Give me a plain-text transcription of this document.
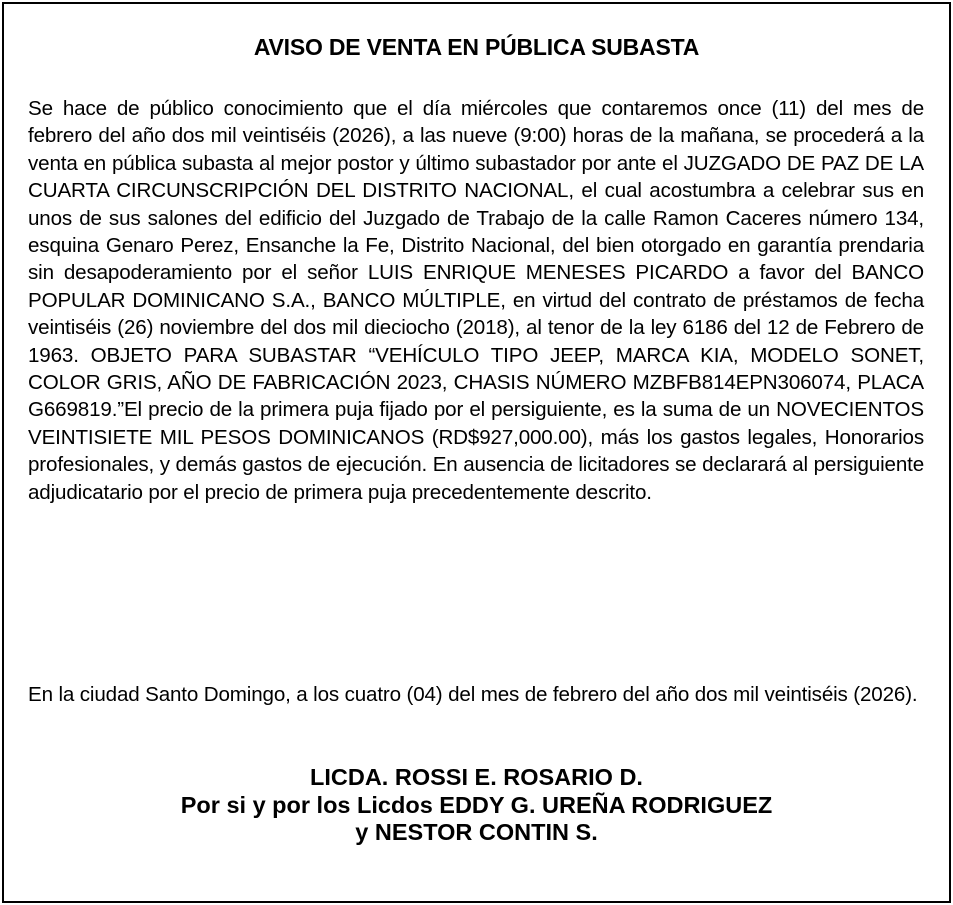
AVISO DE VENTA EN PÚBLICA SUBASTA
Se hace de público conocimiento que el día miércoles que contaremos once (11) del mes de febrero del año dos mil veintiséis (2026), a las nueve (9:00) horas de la mañana, se procederá a la venta en pública subasta al mejor postor y último subastador por ante el JUZGADO DE PAZ DE LA CUARTA CIRCUNSCRIPCIÓN DEL DISTRITO NACIONAL, el cual acostumbra a celebrar sus en unos de sus salones del edificio del Juzgado de Trabajo de la calle Ramon Caceres número 134, esquina Genaro Perez, Ensanche la Fe, Distrito Nacional, del bien otorgado en garantía prendaria sin desapoderamiento por el señor LUIS ENRIQUE MENESES PICARDO a favor del BANCO POPULAR DOMINICANO S.A., BANCO MÚLTIPLE, en virtud del contrato de préstamos de fecha veintiséis (26) noviembre del dos mil dieciocho (2018), al tenor de la ley 6186 del 12 de Febrero de 1963. OBJETO PARA SUBASTAR “VEHÍCULO TIPO JEEP, MARCA KIA, MODELO SONET, COLOR GRIS, AÑO DE FABRICACIÓN 2023, CHASIS NÚMERO MZBFB814EPN306074, PLACA G669819.”El precio de la primera puja fijado por el persiguiente, es la suma de un NOVECIENTOS VEINTISIETE MIL PESOS DOMINICANOS (RD$927,000.00), más los gastos legales, Honorarios profesionales, y demás gastos de ejecución. En ausencia de licitadores se declarará al persiguiente adjudicatario por el precio de primera puja precedentemente descrito.
En la ciudad Santo Domingo, a los cuatro (04) del mes de febrero del año dos mil veintiséis (2026).
LICDA. ROSSI E. ROSARIO D.
Por si y por los Licdos EDDY G. UREÑA RODRIGUEZ
y NESTOR CONTIN S.
